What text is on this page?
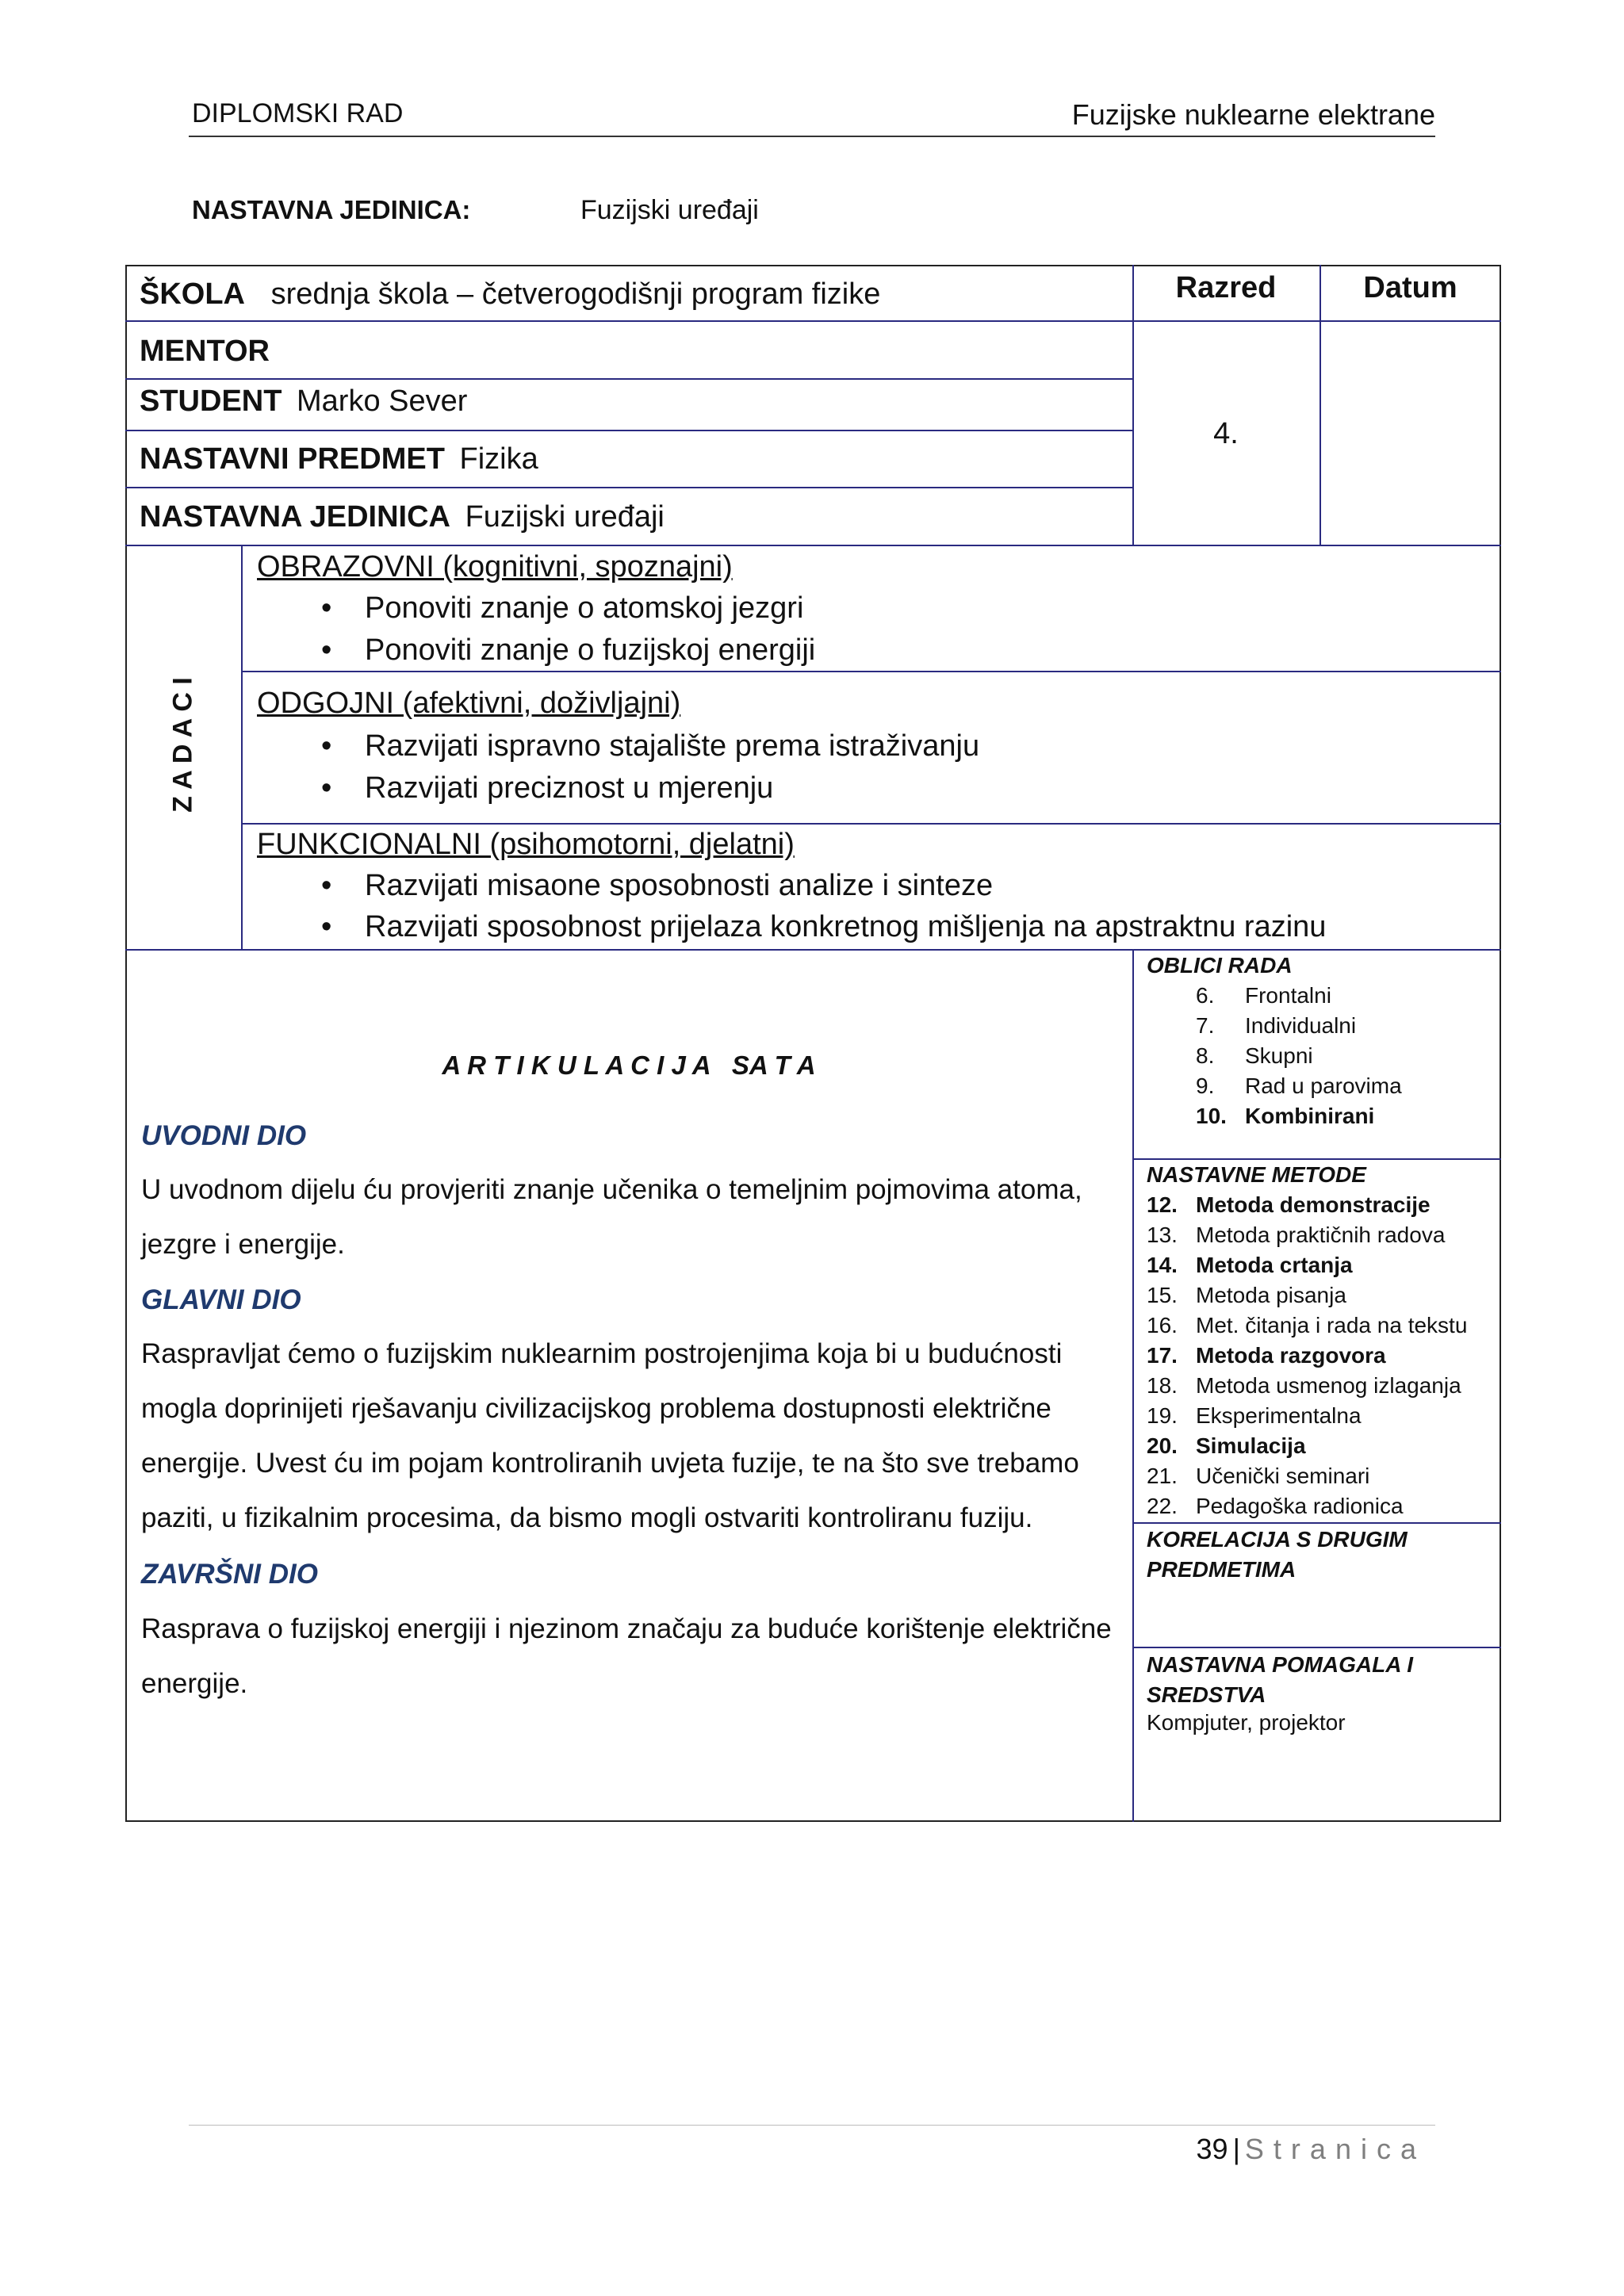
DIPLOMSKI RAD	Fuzijske nuklearne elektrane
NASTAVNA JEDINICA:	Fuzijski uređaji
ŠKOLA srednja škola – četverogodišnji program fizike	Razred	Datum
4.
MENTOR
STUDENT Marko Sever
NASTAVNI PREDMET Fizika
NASTAVNA JEDINICA Fuzijski uređaji
Z A D A C I
OBRAZOVNI (kognitivni, spoznajni)
• Ponoviti znanje o atomskoj jezgri
• Ponoviti znanje o fuzijskoj energiji
ODGOJNI (afektivni, doživljajni)
• Razvijati ispravno stajalište prema istraživanju
• Razvijati preciznost u mjerenju
FUNKCIONALNI (psihomotorni, djelatni)
• Razvijati misaone sposobnosti analize i sinteze
• Razvijati sposobnost prijelaza konkretnog mišljenja na apstraktnu razinu
A R T I K U L A C I J A   SA T A
UVODNI DIO
U uvodnom dijelu ću provjeriti znanje učenika o temeljnim pojmovima atoma,
jezgre i energije.
GLAVNI DIO
Raspravljat ćemo o fuzijskim nuklearnim postrojenjima koja bi u budućnosti
mogla doprinijeti rješavanju civilizacijskog problema dostupnosti električne
energije. Uvest ću im pojam kontroliranih uvjeta fuzije, te na što sve trebamo
paziti, u fizikalnim procesima, da bismo mogli ostvariti kontroliranu fuziju.
ZAVRŠNI DIO
Rasprava o fuzijskoj energiji i njezinom značaju za buduće korištenje električne
energije.
OBLICI RADA
6. Frontalni
7. Individualni
8. Skupni
9. Rad u parovima
10. Kombinirani
NASTAVNE METODE
12. Metoda demonstracije
13. Metoda praktičnih radova
14. Metoda crtanja
15. Metoda pisanja
16. Met. čitanja i rada na tekstu
17. Metoda razgovora
18. Metoda usmenog izlaganja
19. Eksperimentalna
20. Simulacija
21. Učenički seminari
22. Pedagoška radionica
KORELACIJA S DRUGIM
PREDMETIMA
NASTAVNA POMAGALA I
SREDSTVA
Kompjuter, projektor
39 | Stranica
